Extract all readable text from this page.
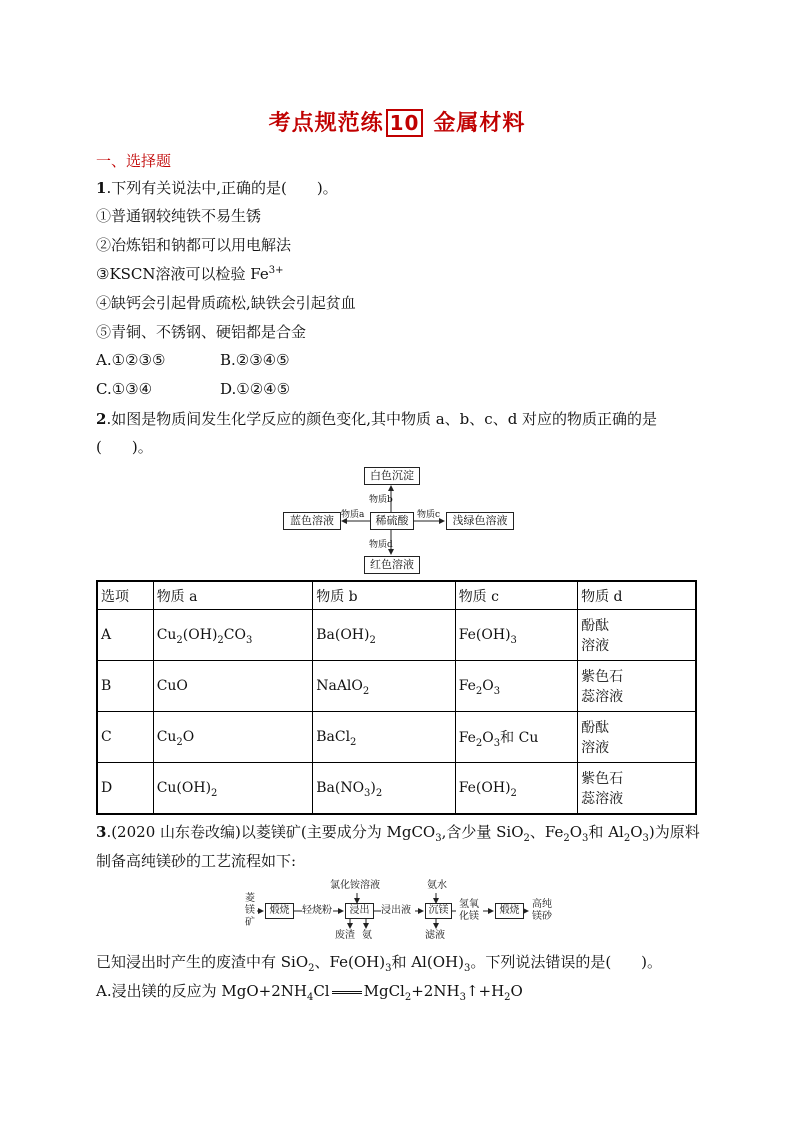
考点规范练 10 金属材料
一、选择题
1.下列有关说法中,正确的是(　　)。
①普通钢较纯铁不易生锈
②冶炼铝和钠都可以用电解法
③KSCN溶液可以检验 $Fe^{3+}$
④缺钙会引起骨质疏松,缺铁会引起贫血
⑤青铜、不锈钢、硬铝都是合金
A.①②③⑤	B.②③④⑤
C.①③④	D.①②④⑤
2.如图是物质间发生化学反应的颜色变化,其中物质 a、b、c、d 对应的物质正确的是
(　　)。
白色沉淀
稀硫酸
蓝色溶液	浅绿色溶液
红色溶液
物质b
物质a	物质c
物质d
选项	物质 a	物质 b	物质 c	物质 d
A	$Cu_2(OH)_2CO_3$	$Ba(OH)_2$	$Fe(OH)_3$	酚酞
溶液
B	CuO	NaAlO$_2$	$Fe_2O_3$	紫色石
蕊溶液
C	$Cu_2O$	BaCl$_2$	$Fe_2O_3$和 Cu	酚酞
溶液
D	$Cu(OH)_2$	$Ba(NO_3)_2$	$Fe(OH)_2$	紫色石
蕊溶液
3.(2020 山东卷改编)以菱镁矿(主要成分为 MgCO$_3$,含少量 SiO$_2$、$Fe_2O_3$和 $Al_2O_3$)为原料
制备高纯镁砂的工艺流程如下:
菱镁矿
煅烧	轻烧粉	浸出
氯化铵溶液
废渣 氨
浸出液	沉镁
氨水
滤液
氢氧化镁
煅烧
高纯镁砂
已知浸出时产生的废渣中有 SiO$_2$、$Fe(OH)_3$和 $Al(OH)_3$。下列说法错误的是(　　)。
A.浸出镁的反应为 $MgO+2NH_4Cl$ $MgCl_2+2NH_3↑+H_2O$
